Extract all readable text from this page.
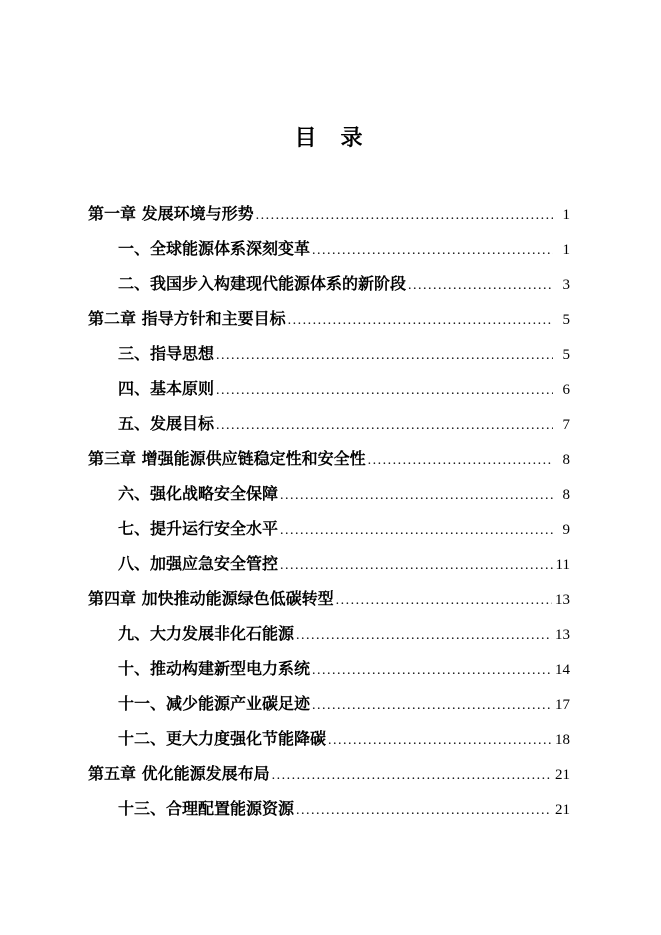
目　录
第一章 发展环境与形势 .....	1
一、全球能源体系深刻变革 .....	1
二、我国步入构建现代能源体系的新阶段 .....	3
第二章 指导方针和主要目标 .....	5
三、指导思想 .....	5
四、基本原则 .....	6
五、发展目标 .....	7
第三章 增强能源供应链稳定性和安全性 .....	8
六、强化战略安全保障 .....	8
七、提升运行安全水平 .....	9
八、加强应急安全管控 .....	11
第四章 加快推动能源绿色低碳转型 .....	13
九、大力发展非化石能源 .....	13
十、推动构建新型电力系统 .....	14
十一、减少能源产业碳足迹 .....	17
十二、更大力度强化节能降碳 .....	18
第五章 优化能源发展布局 .....	21
十三、合理配置能源资源 .....	21
